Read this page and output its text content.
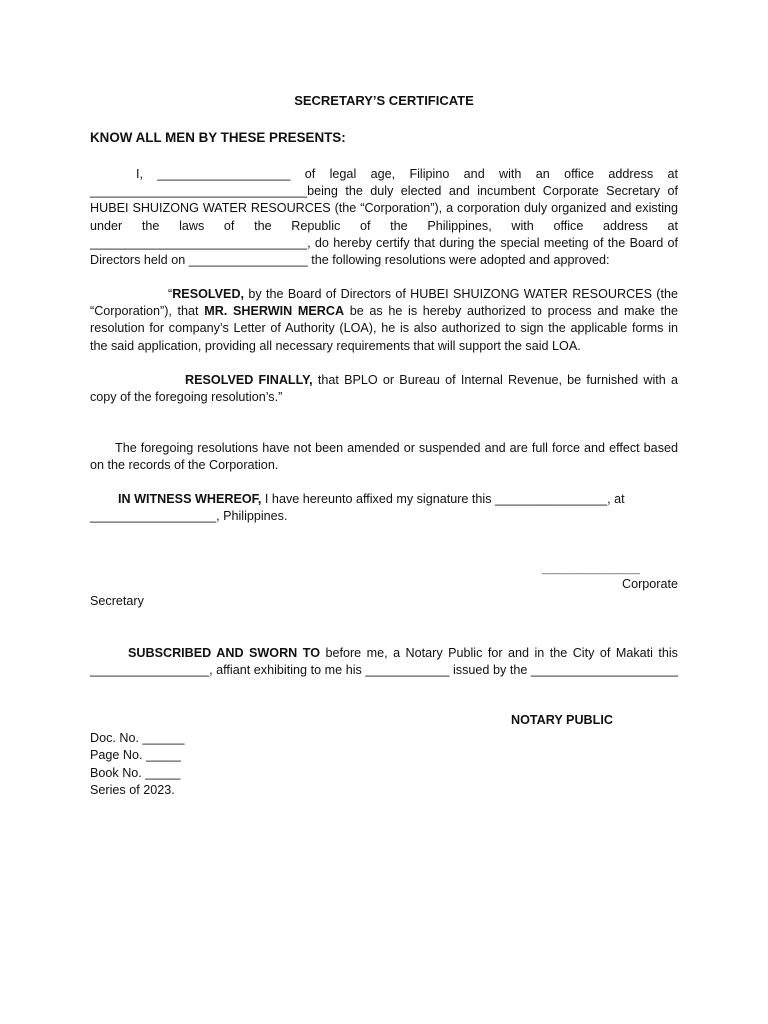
SECRETARY’S CERTIFICATE
KNOW ALL MEN BY THESE PRESENTS:
I, ___________________ of legal age, Filipino and with an office address at
_______________________________being the duly elected and incumbent Corporate Secretary of
HUBEI SHUIZONG WATER RESOURCES (the “Corporation”), a corporation duly organized and existing
under the laws of the Republic of the Philippines, with office address at
_______________________________, do hereby certify that during the special meeting of the Board of
Directors held on _________________ the following resolutions were adopted and approved:
“RESOLVED, by the Board of Directors of HUBEI SHUIZONG WATER RESOURCES (the
“Corporation”), that MR. SHERWIN MERCA be as he is hereby authorized to process and make the
resolution for company’s Letter of Authority (LOA), he is also authorized to sign the applicable forms in
the said application, providing all necessary requirements that will support the said LOA.
RESOLVED FINALLY, that BPLO or Bureau of Internal Revenue, be furnished with a
copy of the foregoing resolution’s.”
The foregoing resolutions have not been amended or suspended and are full force and effect based
on the records of the Corporation.
IN WITNESS WHEREOF, I have hereunto affixed my signature this ________________, at
__________________, Philippines.
________________
Corporate
Secretary
SUBSCRIBED AND SWORN TO before me, a Notary Public for and in the City of Makati this
_________________, affiant exhibiting to me his ____________ issued by the _____________________
NOTARY PUBLIC
Doc. No. ______
Page No. _____
Book No. _____
Series of 2023.
